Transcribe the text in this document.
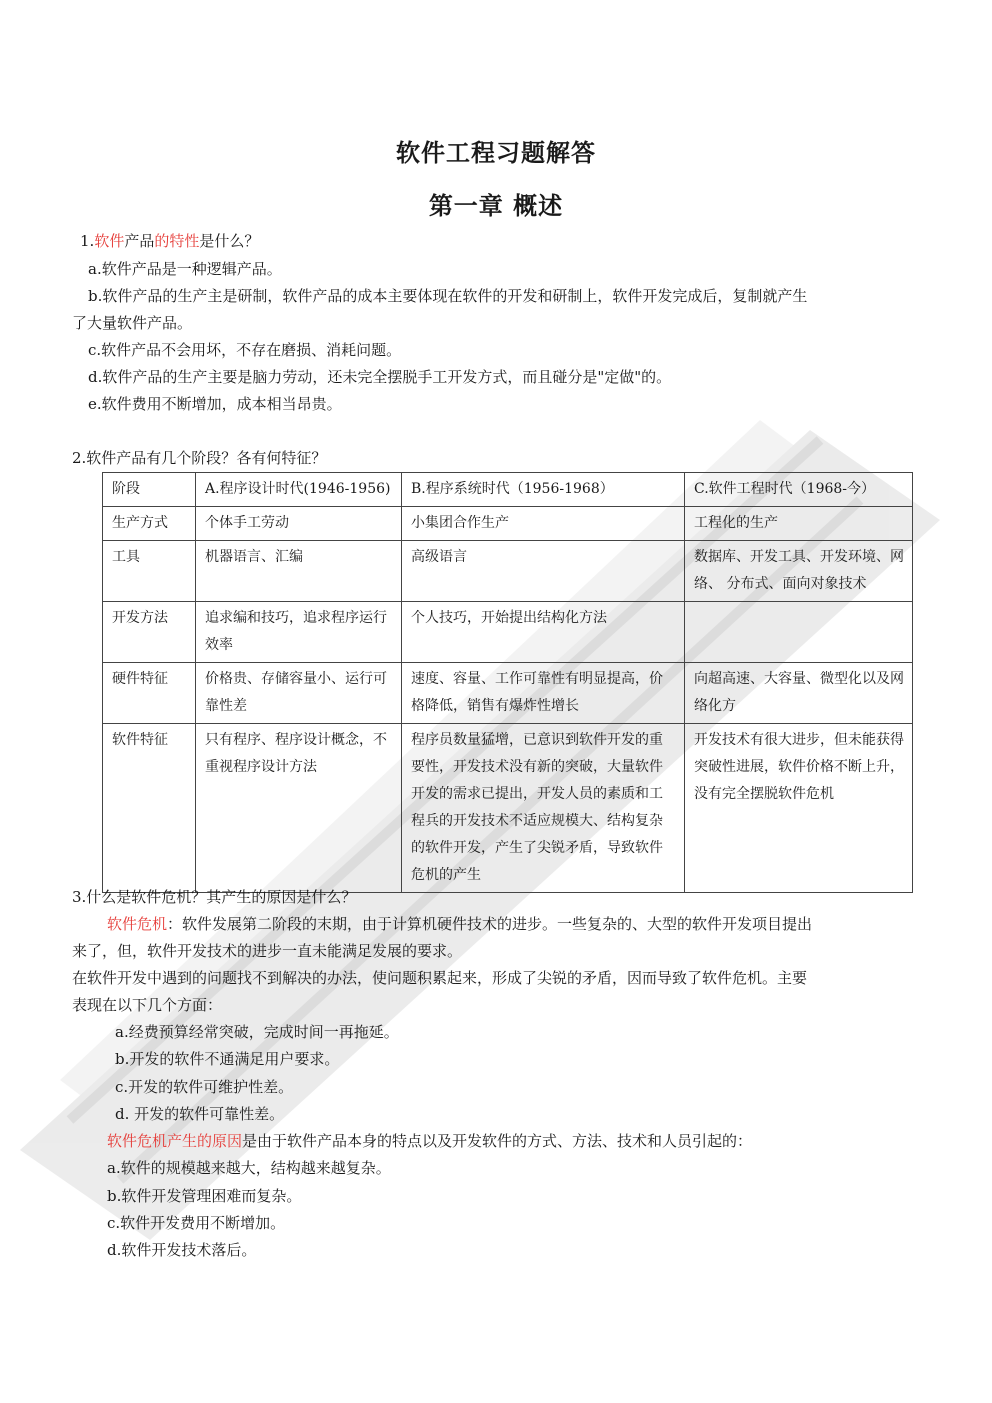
软件工程习题解答
第一章 概述
1.软件产品的特性是什么？
a.软件产品是一种逻辑产品。
b.软件产品的生产主是研制，软件产品的成本主要体现在软件的开发和研制上，软件开发完成后，复制就产生
了大量软件产品。
c.软件产品不会用坏，不存在磨损、消耗问题。
d.软件产品的生产主要是脑力劳动，还未完全摆脱手工开发方式，而且碰分是"定做"的。
e.软件费用不断增加，成本相当昂贵。
2.软件产品有几个阶段？各有何特征？
阶段	A.程序设计时代(1946-1956)	B.程序系统时代（1956-1968）	C.软件工程时代（1968-今）
生产方式	个体手工劳动	小集团合作生产	工程化的生产
工具	机器语言、汇编	高级语言	数据库、开发工具、开发环境、网络、 分布式、面向对象技术
开发方法	追求编和技巧，追求程序运行效率	个人技巧，开始提出结构化方法	
硬件特征	价格贵、存储容量小、运行可靠性差	速度、容量、工作可靠性有明显提高，价格降低，销售有爆炸性增长	向超高速、大容量、微型化以及网络化方
软件特征	只有程序、程序设计概念，不重视程序设计方法	程序员数量猛增，已意识到软件开发的重要性，开发技术没有新的突破，大量软件开发的需求已提出，开发人员的素质和工程兵的开发技术不适应规模大、结构复杂的软件开发，产生了尖锐矛盾，导致软件危机的产生	开发技术有很大进步，但未能获得突破性进展，软件价格不断上升，没有完全摆脱软件危机
3.什么是软件危机？其产生的原因是什么？
软件危机：软件发展第二阶段的末期，由于计算机硬件技术的进步。一些复杂的、大型的软件开发项目提出
来了，但，软件开发技术的进步一直未能满足发展的要求。
在软件开发中遇到的问题找不到解决的办法，使问题积累起来，形成了尖锐的矛盾，因而导致了软件危机。主要
表现在以下几个方面：
a.经费预算经常突破，完成时间一再拖延。
b.开发的软件不通满足用户要求。
c.开发的软件可维护性差。
d. 开发的软件可靠性差。
软件危机产生的原因是由于软件产品本身的特点以及开发软件的方式、方法、技术和人员引起的：
a.软件的规模越来越大，结构越来越复杂。
b.软件开发管理困难而复杂。
c.软件开发费用不断增加。
d.软件开发技术落后。
